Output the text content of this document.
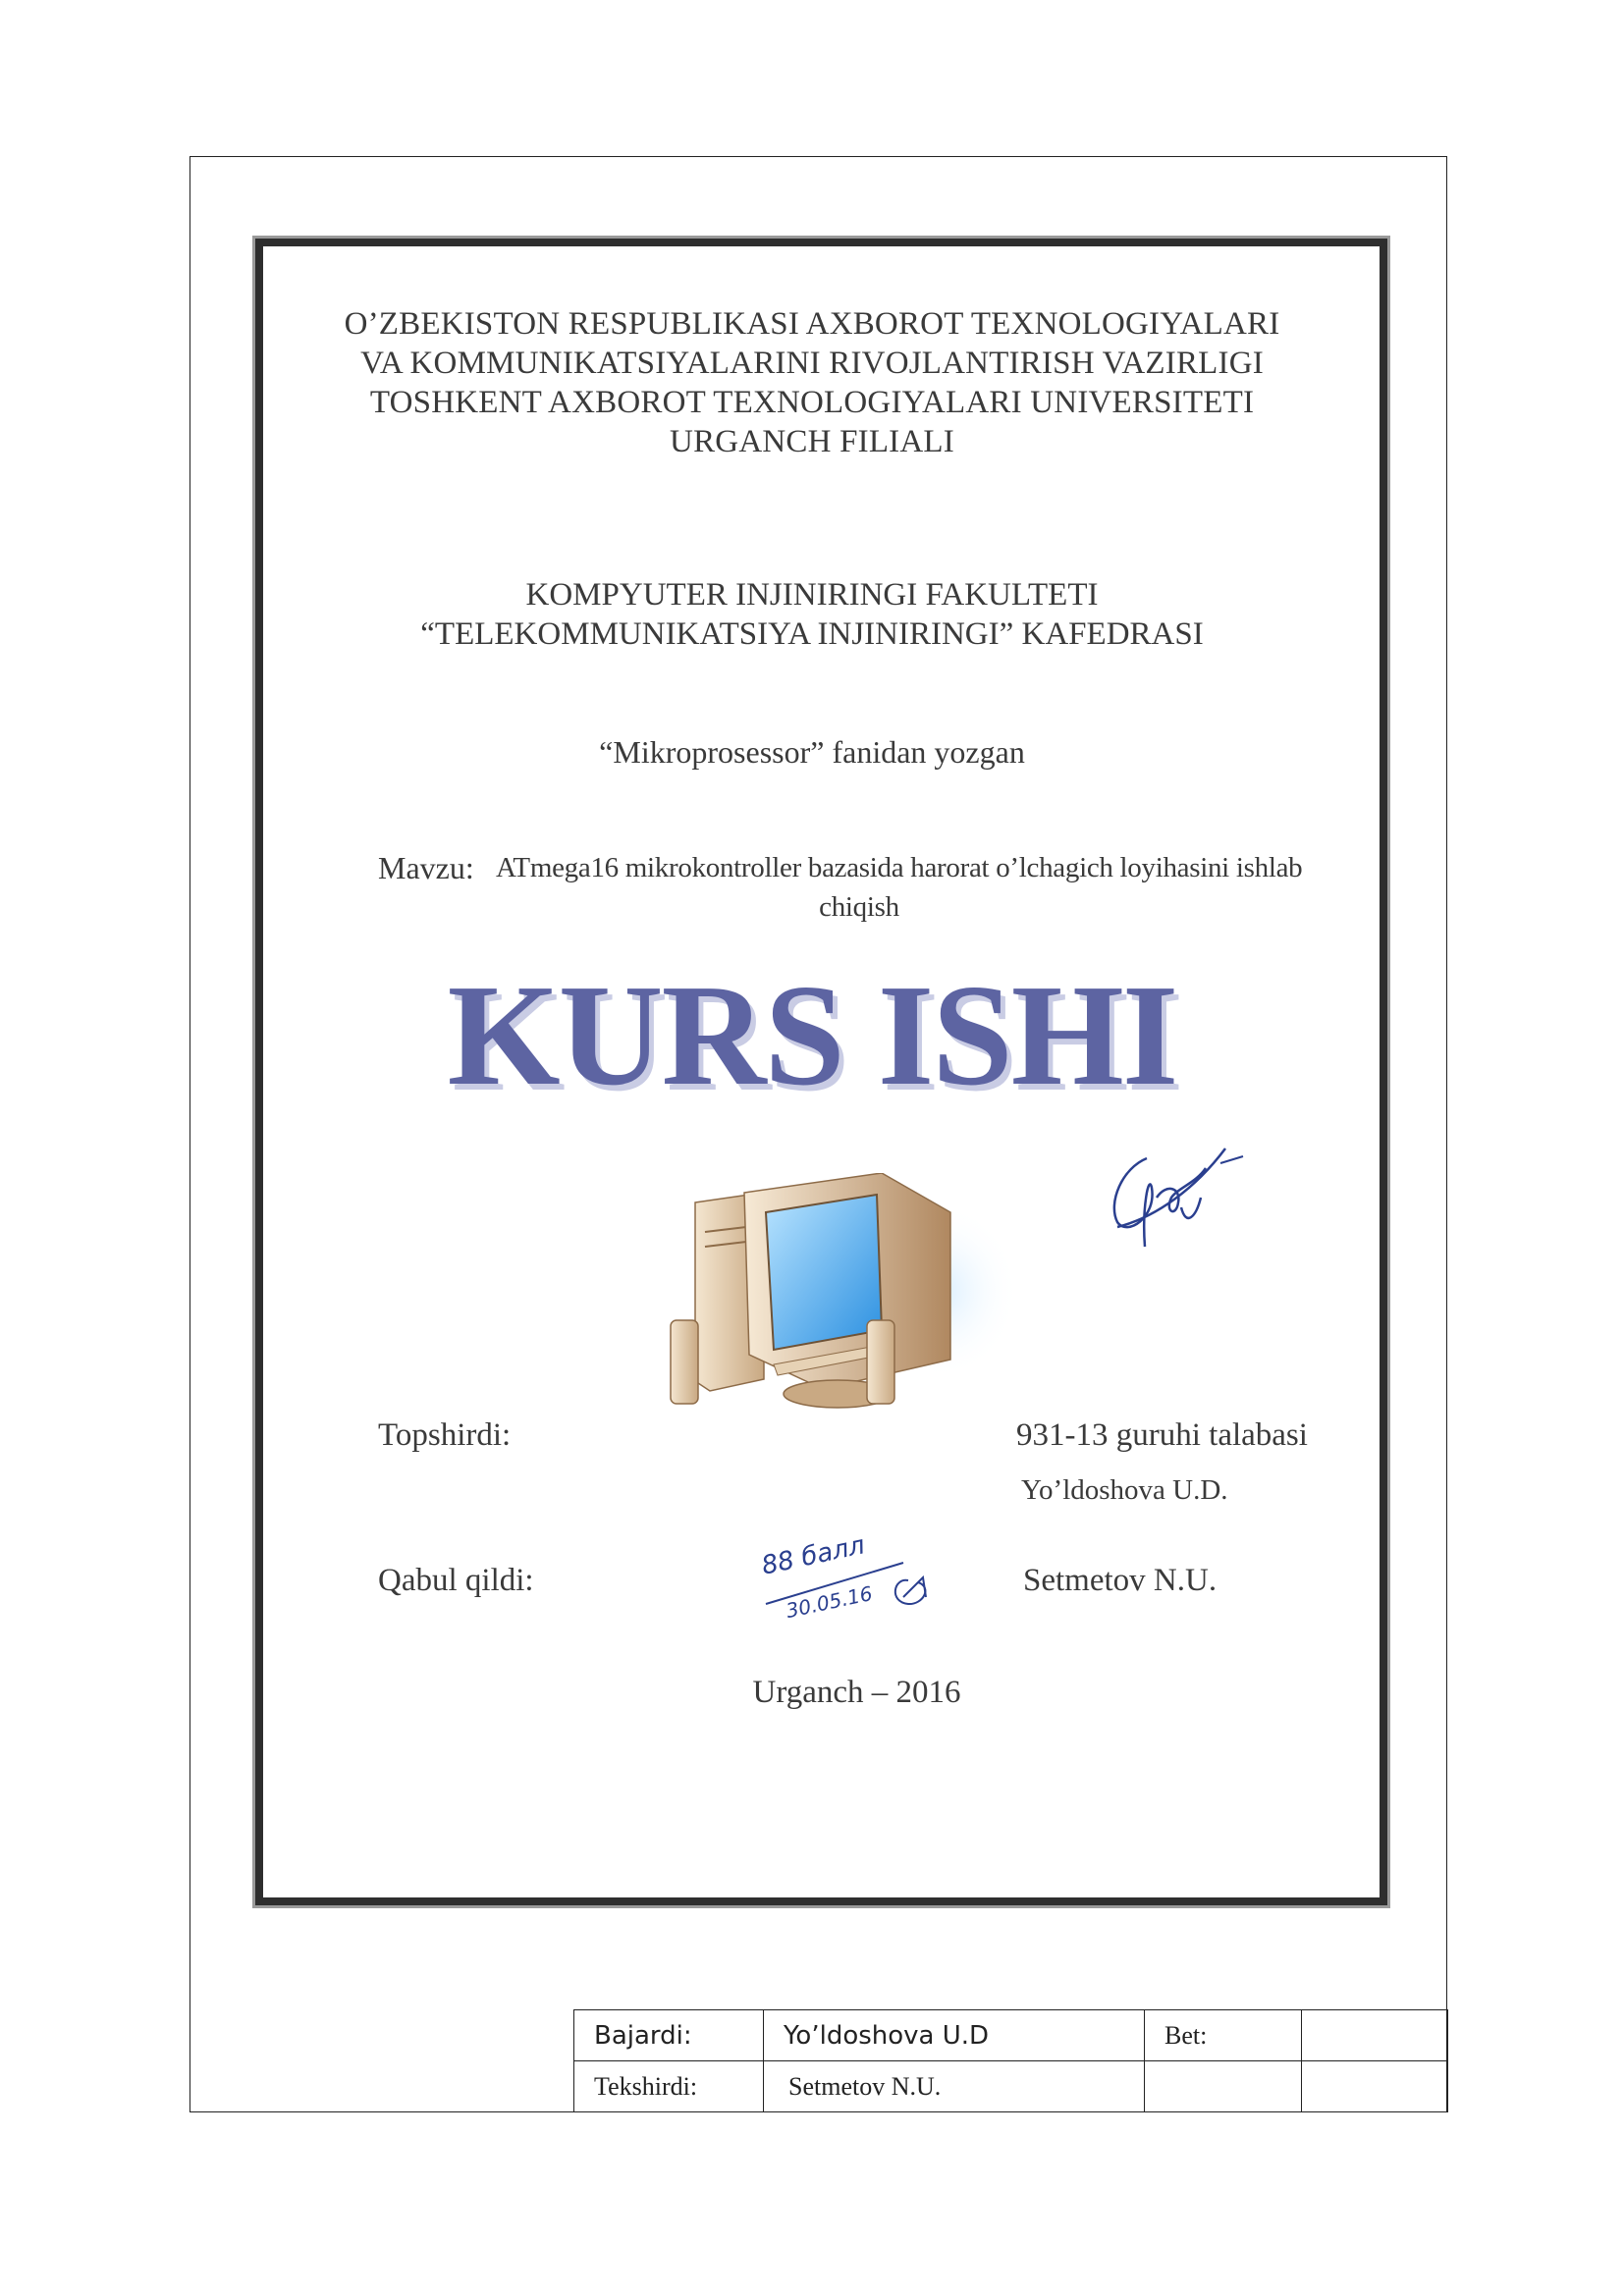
O’ZBEKISTON RESPUBLIKASI AXBOROT TEXNOLOGIYALARI

VA KOMMUNIKATSIYALARINI RIVOJLANTIRISH VAZIRLIGI

TOSHKENT AXBOROT TEXNOLOGIYALARI UNIVERSITETI

URGANCH FILIALI

KOMPYUTER INJINIRINGI FAKULTETI

“TELEKOMMUNIKATSIYA INJINIRINGI” KAFEDRASI

“Mikroprosessor” fanidan yozgan

Mavzu: ATmega16 mikrokontroller bazasida harorat o’lchagich loyihasini ishlab

chiqish

KURS ISHI

Topshirdi:	931-13 guruhi talabasi

Yo’ldoshova U.D.

Qabul qildi:	88 балл

30.05.16

Setmetov N.U.

Urganch – 2016

Bajardi:	Yo’ldoshova U.D	Bet:	
Tekshirdi:	Setmetov N.U.		
